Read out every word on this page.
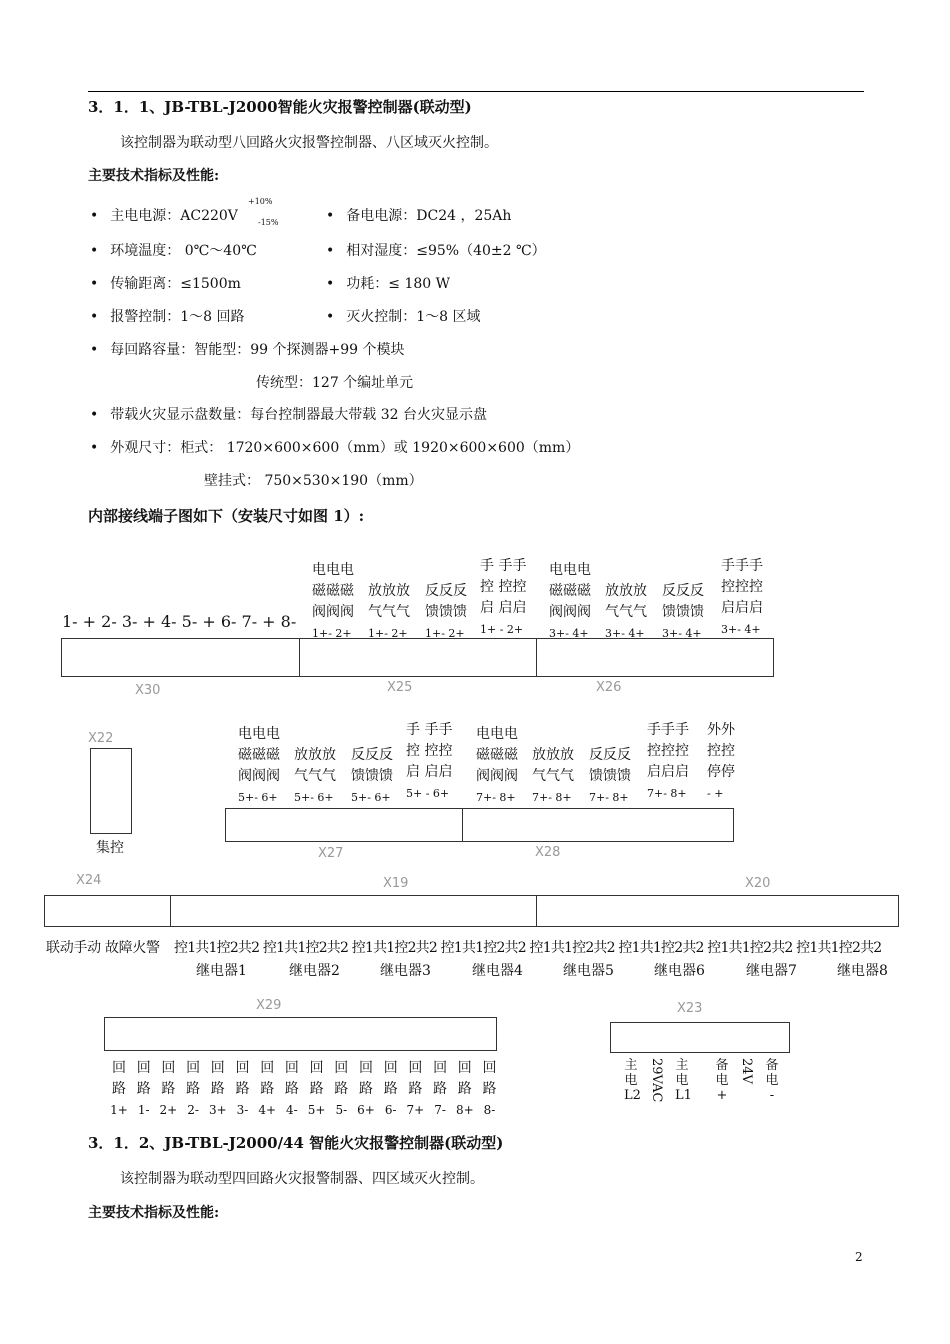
3．1．1、JB-TBL-J2000智能火灾报警控制器(联动型)
该控制器为联动型八回路火灾报警控制器、八区域灭火控制。
主要技术指标及性能:
• 主电电源：AC220V
+10%
-15%	• 备电电源：DC24 ，25Ah
• 环境温度： 0℃～40℃	• 相对湿度：≤95%（40±2 ℃）
• 传输距离：≤1500m	• 功耗：≤ 180 W
• 报警控制：1～8 回路	• 灭火控制：1～8 区域
• 每回路容量：智能型：99 个探测器+99 个模块
传统型：127 个编址单元
• 带载火灾显示盘数量：每台控制器最大带载 32 台火灾显示盘
• 外观尺寸：柜式： 1720×600×600（mm）或 1920×600×600（mm）
壁挂式： 750×530×190（mm）
内部接线端子图如下（安装尺寸如图 1）:
1- + 2- 3- + 4- 5- + 6- 7- + 8-
X30	X25	X26
电电电
磁磁磁
阀阀阀
1+- 2+
放放放
气气气
1+- 2+
反反反
馈馈馈
1+- 2+
手 手手
控 控控
启 启启
1+ - 2+
电电电
磁磁磁
阀阀阀
3+- 4+
放放放
气气气
3+- 4+
反反反
馈馈馈
3+- 4+
手手手
控控控
启启启
3+- 4+
X22
集控
电电电
磁磁磁
阀阀阀
5+- 6+
放放放
气气气
5+- 6+
反反反
馈馈馈
5+- 6+
手 手手
控 控控
启 启启
5+ - 6+
电电电
磁磁磁
阀阀阀
7+- 8+
放放放
气气气
7+- 8+
反反反
馈馈馈
7+- 8+
手手手
控控控
启启启
7+- 8+
外外
控控
停停
- +
X27	X28
X24	X19	X20
联动手动 故障火警 控1共1控2共2 控1共1控2共2 控1共1控2共2 控1共1控2共2 控1共1控2共2 控1共1控2共2 控1共1控2共2 控1共1控2共2
继电器1	继电器2	继电器3	继电器4	继电器5	继电器6	继电器7	继电器8
X29
回
路
1+
回
路
1-
回
路
2+
回
路
2-
回
路
3+
回
路
3-
回
路
4+
回
路
4-
回
路
5+
回
路
5-
回
路
6+
回
路
6-
回
路
7+
回
路
7-
回
路
8+
回
路
8-
X23
主
电
L2 29VAC 主
电
L1
备
电
+
24V 备
电
-
3．1．2、JB-TBL-J2000/44 智能火灾报警控制器(联动型)
该控制器为联动型四回路火灾报警制器、四区域灭火控制。
主要技术指标及性能:
2
